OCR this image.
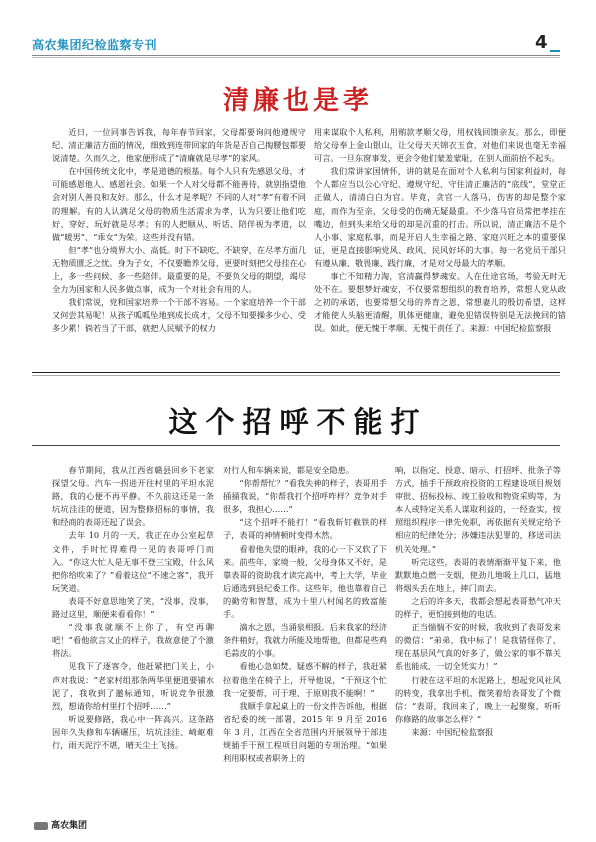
高农集团纪检监察专刊	4
清廉也是孝

近日，一位同事告诉我，每年春节回家，父母都要询问他遵规守纪、清正廉洁方面的情况，细致到连带回家的年货是否自己掏腰包都要说清楚。久而久之，他家便形成了“清廉就是尽孝”的家风。

在中国传统文化中，孝是道德的根基。每个人只有先感恩父母，才可能感恩他人、感恩社会。如果一个人对父母都不能善待，就别指望他会对别人善良和友好。那么，什么才是孝呢？不同的人对“孝”有着不同的理解。有的人认满足父母的物质生活需求为孝，认为只要让他们吃好、穿好、玩好就是尽孝；有的人把顺从、听话、陪伴视为孝道，以做“暖男”、“乖女”为荣。这些并没有错。

但“孝”也分境界大小、高低。时下不缺吃、不缺穿，在尽孝方面几无物质匮乏之忧。身为子女，不仅要瞻养父母，更要时刻把父母挂在心上，多一些问候、多一些陪伴。最重要的是，不要负父母的期望，竭尽全力为国家和人民多做点事，成为一个对社会有用的人。

我们常说，党和国家培养一个干部不容易。一个家庭培养一个干部又何尝其易呢！从孩子呱呱坠地到成长成才，父母不知要操多少心、受多少累！倘若当了干部，就把人民赋予的权力

用来谋取个人私利，用贿款孝顺父母，用权钱回馈亲友。那么，即便给父母奉上金山银山，让父母天天锦衣玉食，对他们来说也毫无幸福可言。一旦东窗事发，更会令他们蒙羞蒙耻，在别人面前抬不起头。

我们常讲家国情怀，讲的就是在面对个人私利与国家利益时，每个人都应当以公心守纪、遵规守纪、守住清正廉洁的“底线”，堂堂正正做人，清清白白为官。毕竟，贪官一人落马，伤害的却是整个家庭，而作为至亲，父母受的伤痛无疑最重。不少落马官员常把孝挂在嘴边，但到头来给父母的却是沉重的打击。所以说，清正廉洁不是个人小事、家庭私事，而是开启人生幸福之路、家庭兴旺之本的重要保证，更是直接影响党风、政风、民风好坏的大事。每一名党员干部只有遵从廉、敬畏廉、践行廉，才是对父母最大的孝顺。

事亡不知精力淘，官清赢得梦魂安。人在仕途官场，考验无时无处不在。要想梦好魂安，不仅要常想组织的教育培养，常想人党从政之初的承诺，也要常想父母的养育之恩，常想妻儿的殷切希望，这样才能使人头脑更清醒，肌体更健康，避免犯错误特别是无法挽回的错误。如此，便无愧于孝顺、无愧于责任了。来源：中国纪检监察报

这个招呼不能打

春节期间，我从江西省赣县回乡下老家探望父母。汽车一拐进开往村里的平坦水泥路，我的心便不再平静。不久前这还是一条坑坑洼洼的便道，因为整修招标的事情，我和经商的表哥还起了误会。

去年 10 月的一天，我正在办公室起草文件，手时忙得难得一见的表哥呼门而入。“你这大忙人是无事不登三宝殿，什么风把你给吹来了？”看着这位“不速之客”，我开玩笑道。

表哥不好意思地笑了笑，“没事，没事，路过这里，顺便来看看你！”

“没事我就顺不上你了，有空再聊吧！”看他欲言又止的样子，我故意使了个激将法。

见我下了逐客令，他赶紧把门关上，小声对我说：“老家村组那条两华里便道要铺水泥了，我收到了邀标通知，听说竞争很激烈，想请你给村里打个招呼……”

听说要修路，我心中一阵高兴。这条路因年久失修和车辆碾压，坑坑洼洼、崎岖难行，雨天泥泞不堪，晴天尘土飞扬。

对行人和车辆来说，都是安全隐患。

“你帮帮忙？”看我失神的样子，表哥用手捅捅我说，“你帮我打个招呼咋样？竞争对手很多，我担心……”

“这个招呼不能打！”看我斩钉截铁的样子，表哥的神情顿时变得木然。

看着他失望的眼神，我的心一下又软了下来。前些年，家境一般，父母身体又不好，是靠表哥的资助我才读完高中，考上大学，毕业后通选到县纪委工作。这些年，他也靠着自己的勤劳和智慧，成为十里八村闻名的致富能手。

滴水之恩，当涌泉相报。后来我家的经济条件稍好，我就力所能及地帮他，但都是些鸡毛蒜皮的小事。

看他心急如焚、疑惑不解的样子，我赶紧拉着他坐在椅子上，开导他说，“干预这个忙我一定要帮，可于理、于原则我不能啊！”

我顺手拿起桌上的一份文件告诉他，根据省纪委的统一部署，2015 年 9 月至 2016 年 3 月，江西在全省范围内开展领导干部违规插手干预工程项目问题的专项治理。“如果利用职权或者职务上的

响，以指定、授意、暗示、打招呼、批条子等方式，插手干预政府投资的工程建设项目规划审批、招标投标、竣工验收和物资采购等，为本人或特定关系人谋取利益的，一经查实，按照组织程序一律先免职，再依据有关规定给予相应的纪律处分；涉嫌违法犯罪的，移送司法机关处理。”

听完这些，表哥的表情渐渐平复下来，他默默地点燃一支烟，使劲儿地吸上几口，猛地将烟头丢在地上，摔门而去。

之后的许多天，我都会想起表哥愁气冲天的样子，更怕接到他的电话。

正当惴惴不安的时候，我收到了表哥发来的微信：“弟弟，我中标了！是我错怪你了，现在基层风气真的好多了，做公家的事不靠关系也能成，一切全凭实力！”

行驶在这平坦的水泥路上，想起党风社风的转变，我拿出手机，微笑着给表哥发了个微信：“表哥，我回来了，晚上一起聚聚，听听你修路的故事怎么样？”

来源：中国纪检监察报

高农集团
